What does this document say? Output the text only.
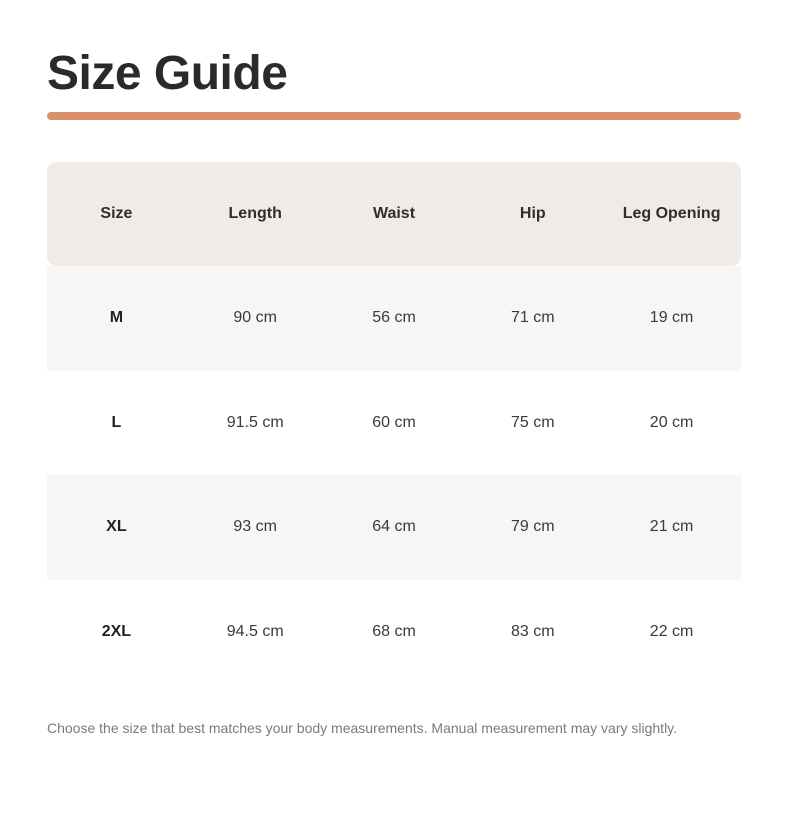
Size Guide
Size	Length	Waist	Hip	Leg Opening
M	90 cm	56 cm	71 cm	19 cm
L	91.5 cm	60 cm	75 cm	20 cm
XL	93 cm	64 cm	79 cm	21 cm
2XL	94.5 cm	68 cm	83 cm	22 cm

Choose the size that best matches your body measurements. Manual measurement may vary slightly.
